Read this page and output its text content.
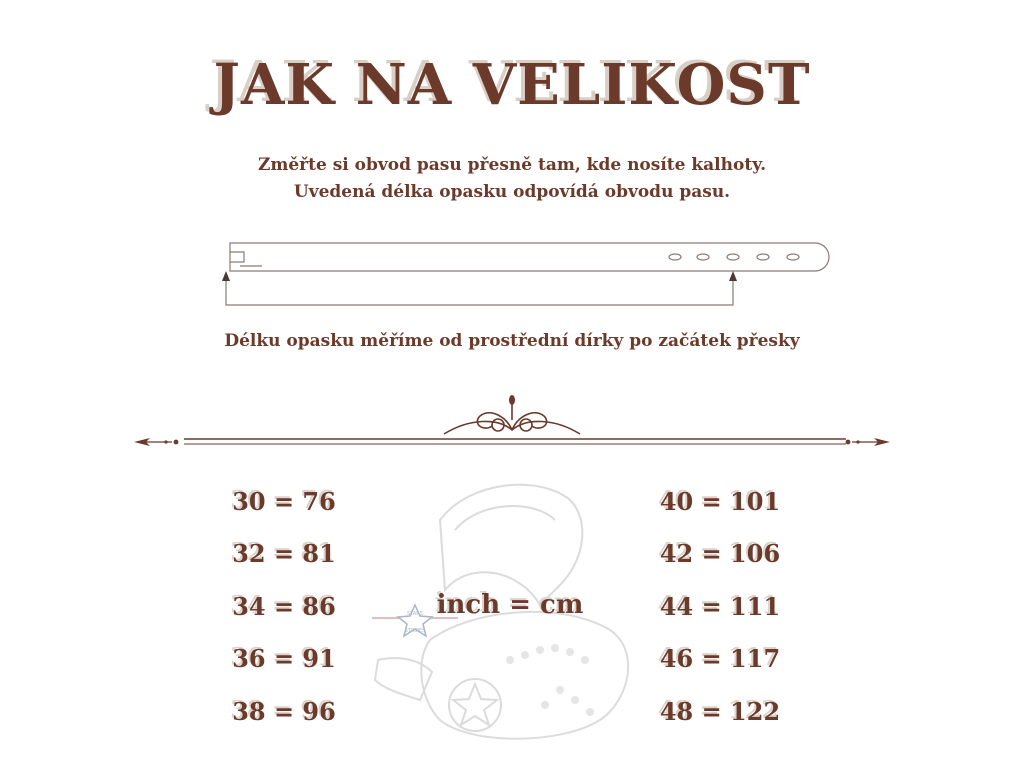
JAK NA VELIKOST
Změřte si obvod pasu přesně tam, kde nosíte kalhoty.
Uvedená délka opasku odpovídá obvodu pasu.
Délku opasku měříme od prostřední dírky po začátek přesky
STARS
STRIPES
30 = 76
32 = 81
34 = 86
36 = 91
38 = 96
inch = cm
40 = 101
42 = 106
44 = 111
46 = 117
48 = 122
